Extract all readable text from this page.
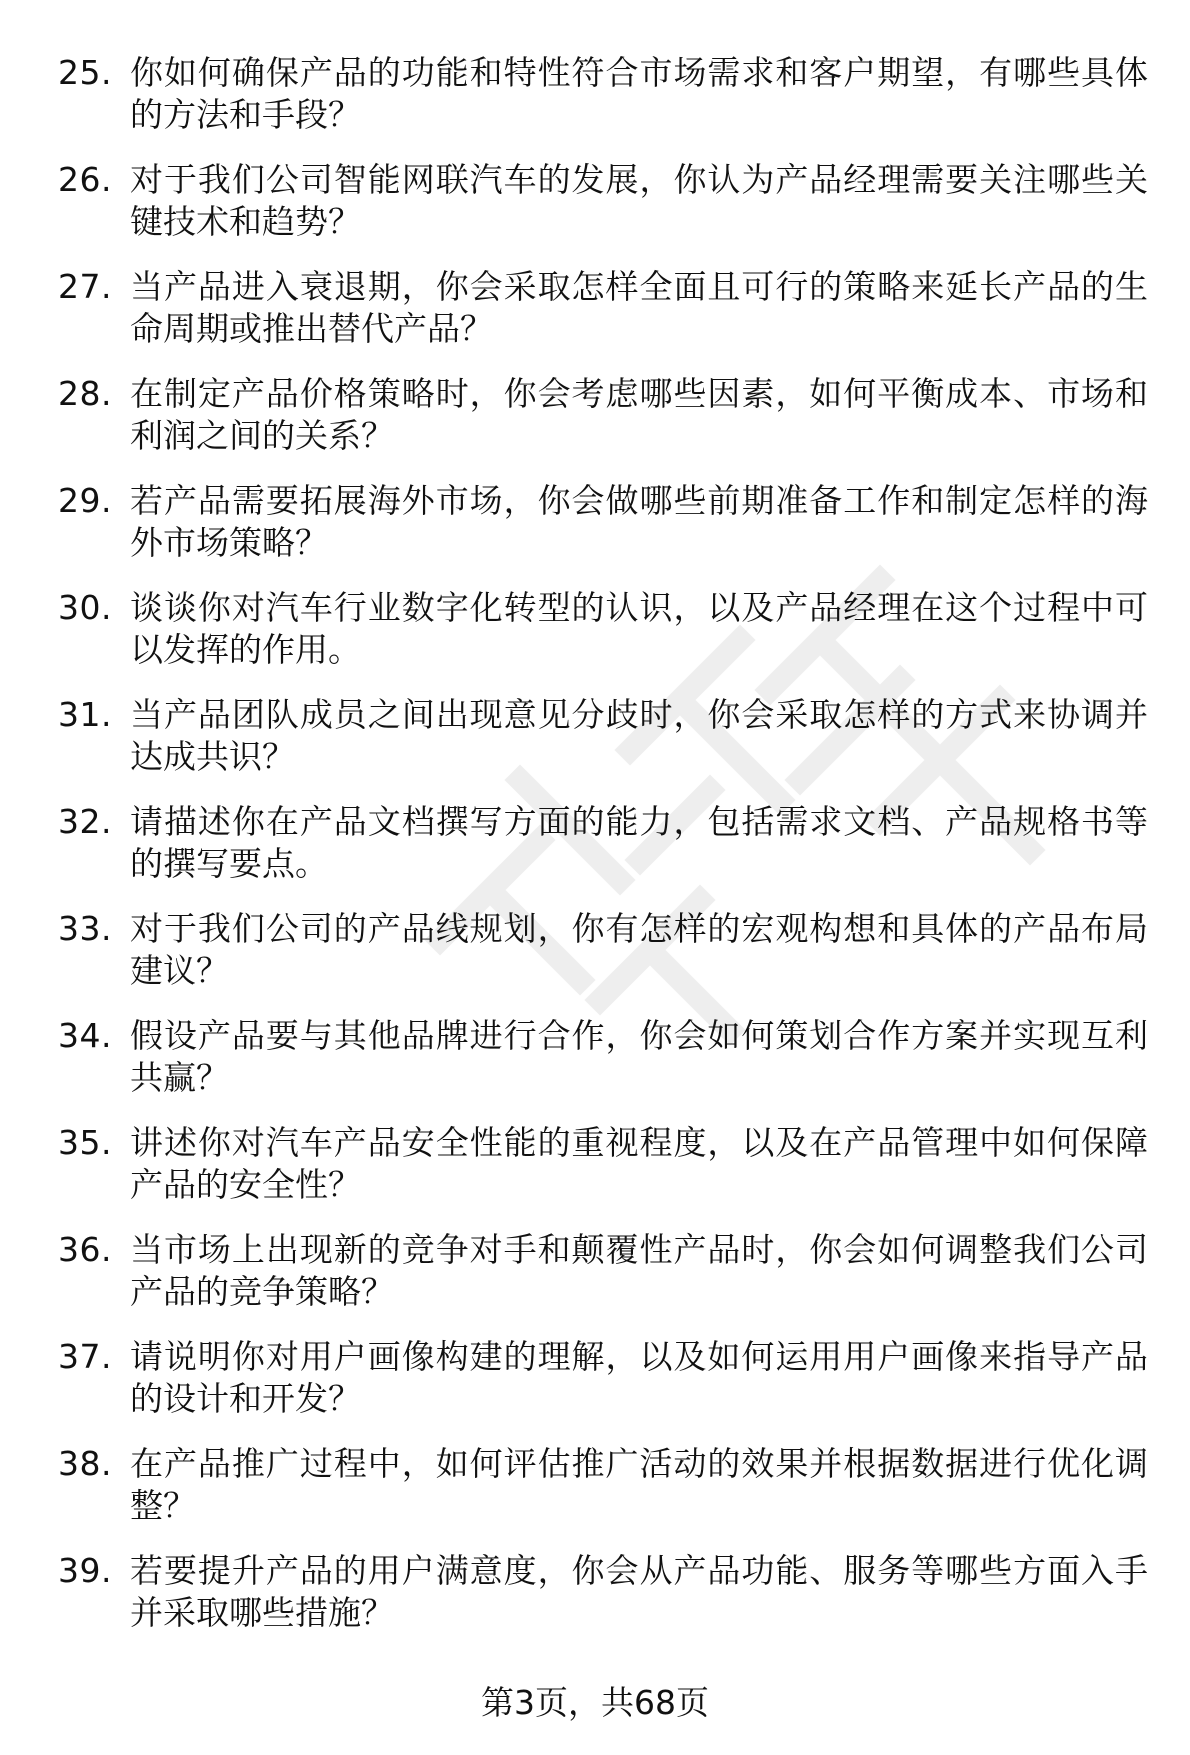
25. 你如何确保产品的功能和特性符合市场需求和客户期望，有哪些具体的方法和手段？
26. 对于我们公司智能网联汽车的发展，你认为产品经理需要关注哪些关键技术和趋势？
27. 当产品进入衰退期，你会采取怎样全面且可行的策略来延长产品的生命周期或推出替代产品？
28. 在制定产品价格策略时，你会考虑哪些因素，如何平衡成本、市场和利润之间的关系？
29. 若产品需要拓展海外市场，你会做哪些前期准备工作和制定怎样的海外市场策略？
30. 谈谈你对汽车行业数字化转型的认识，以及产品经理在这个过程中可以发挥的作用。
31. 当产品团队成员之间出现意见分歧时，你会采取怎样的方式来协调并达成共识？
32. 请描述你在产品文档撰写方面的能力，包括需求文档、产品规格书等的撰写要点。
33. 对于我们公司的产品线规划，你有怎样的宏观构想和具体的产品布局建议？
34. 假设产品要与其他品牌进行合作，你会如何策划合作方案并实现互利共赢？
35. 讲述你对汽车产品安全性能的重视程度，以及在产品管理中如何保障产品的安全性？
36. 当市场上出现新的竞争对手和颠覆性产品时，你会如何调整我们公司产品的竞争策略？
37. 请说明你对用户画像构建的理解，以及如何运用用户画像来指导产品的设计和开发？
38. 在产品推广过程中，如何评估推广活动的效果并根据数据进行优化调整？
39. 若要提升产品的用户满意度，你会从产品功能、服务等哪些方面入手并采取哪些措施？
第3页，共68页
